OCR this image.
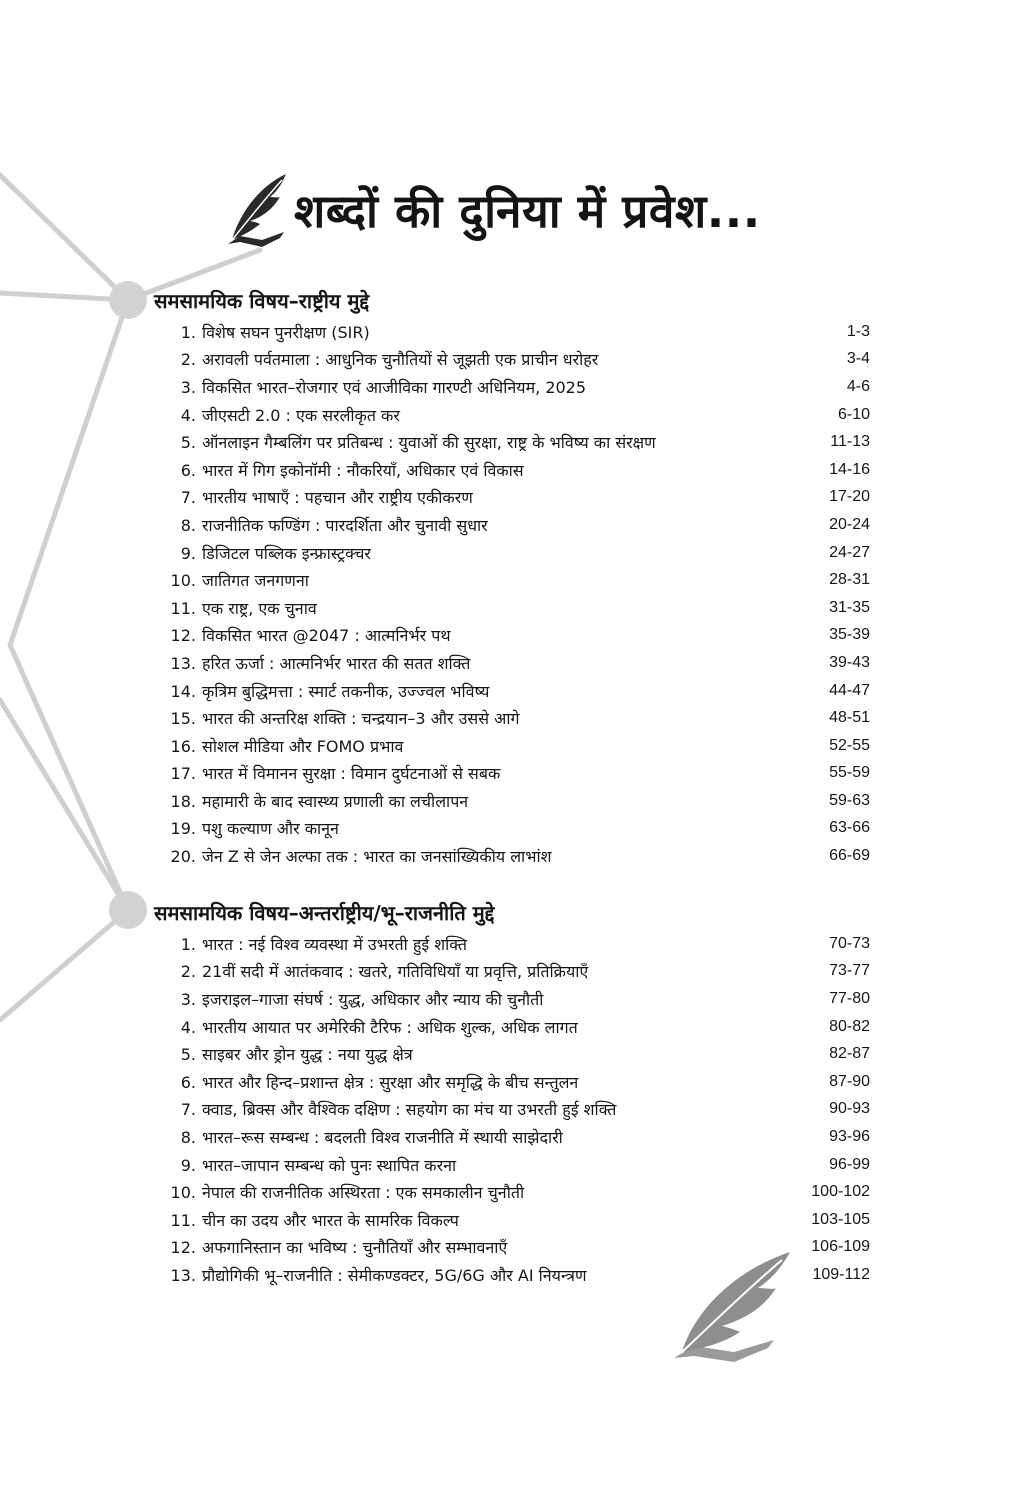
शब्दों की दुनिया में प्रवेश...
समसामयिक विषय–राष्ट्रीय मुद्दे
1. विशेष सघन पुनरीक्षण (SIR)	1-3
2. अरावली पर्वतमाला : आधुनिक चुनौतियों से जूझती एक प्राचीन धरोहर	3-4
3. विकसित भारत–रोजगार एवं आजीविका गारण्टी अधिनियम, 2025	4-6
4. जीएसटी 2.0 : एक सरलीकृत कर	6-10
5. ऑनलाइन गैम्बलिंग पर प्रतिबन्ध : युवाओं की सुरक्षा, राष्ट्र के भविष्य का संरक्षण	11-13
6. भारत में गिग इकोनॉमी : नौकरियाँ, अधिकार एवं विकास	14-16
7. भारतीय भाषाएँ : पहचान और राष्ट्रीय एकीकरण	17-20
8. राजनीतिक फण्डिंग : पारदर्शिता और चुनावी सुधार	20-24
9. डिजिटल पब्लिक इन्फ्रास्ट्रक्चर	24-27
10. जातिगत जनगणना	28-31
11. एक राष्ट्र, एक चुनाव	31-35
12. विकसित भारत @2047 : आत्मनिर्भर पथ	35-39
13. हरित ऊर्जा : आत्मनिर्भर भारत की सतत शक्ति	39-43
14. कृत्रिम बुद्धिमत्ता : स्मार्ट तकनीक, उज्ज्वल भविष्य	44-47
15. भारत की अन्तरिक्ष शक्ति : चन्द्रयान–3 और उससे आगे	48-51
16. सोशल मीडिया और FOMO प्रभाव	52-55
17. भारत में विमानन सुरक्षा : विमान दुर्घटनाओं से सबक	55-59
18. महामारी के बाद स्वास्थ्य प्रणाली का लचीलापन	59-63
19. पशु कल्याण और कानून	63-66
20. जेन Z से जेन अल्फा तक : भारत का जनसांख्यिकीय लाभांश	66-69
समसामयिक विषय–अन्तर्राष्ट्रीय/भू–राजनीति मुद्दे
1. भारत : नई विश्व व्यवस्था में उभरती हुई शक्ति	70-73
2. 21वीं सदी में आतंकवाद : खतरे, गतिविधियाँ या प्रवृत्ति, प्रतिक्रियाएँ	73-77
3. इजराइल–गाजा संघर्ष : युद्ध, अधिकार और न्याय की चुनौती	77-80
4. भारतीय आयात पर अमेरिकी टैरिफ : अधिक शुल्क, अधिक लागत	80-82
5. साइबर और ड्रोन युद्ध : नया युद्ध क्षेत्र	82-87
6. भारत और हिन्द–प्रशान्त क्षेत्र : सुरक्षा और समृद्धि के बीच सन्तुलन	87-90
7. क्वाड, ब्रिक्स और वैश्विक दक्षिण : सहयोग का मंच या उभरती हुई शक्ति	90-93
8. भारत–रूस सम्बन्ध : बदलती विश्व राजनीति में स्थायी साझेदारी	93-96
9. भारत–जापान सम्बन्ध को पुनः स्थापित करना	96-99
10. नेपाल की राजनीतिक अस्थिरता : एक समकालीन चुनौती	100-102
11. चीन का उदय और भारत के सामरिक विकल्प	103-105
12. अफगानिस्तान का भविष्य : चुनौतियाँ और सम्भावनाएँ	106-109
13. प्रौद्योगिकी भू–राजनीति : सेमीकण्डक्टर, 5G/6G और AI नियन्त्रण	109-112
